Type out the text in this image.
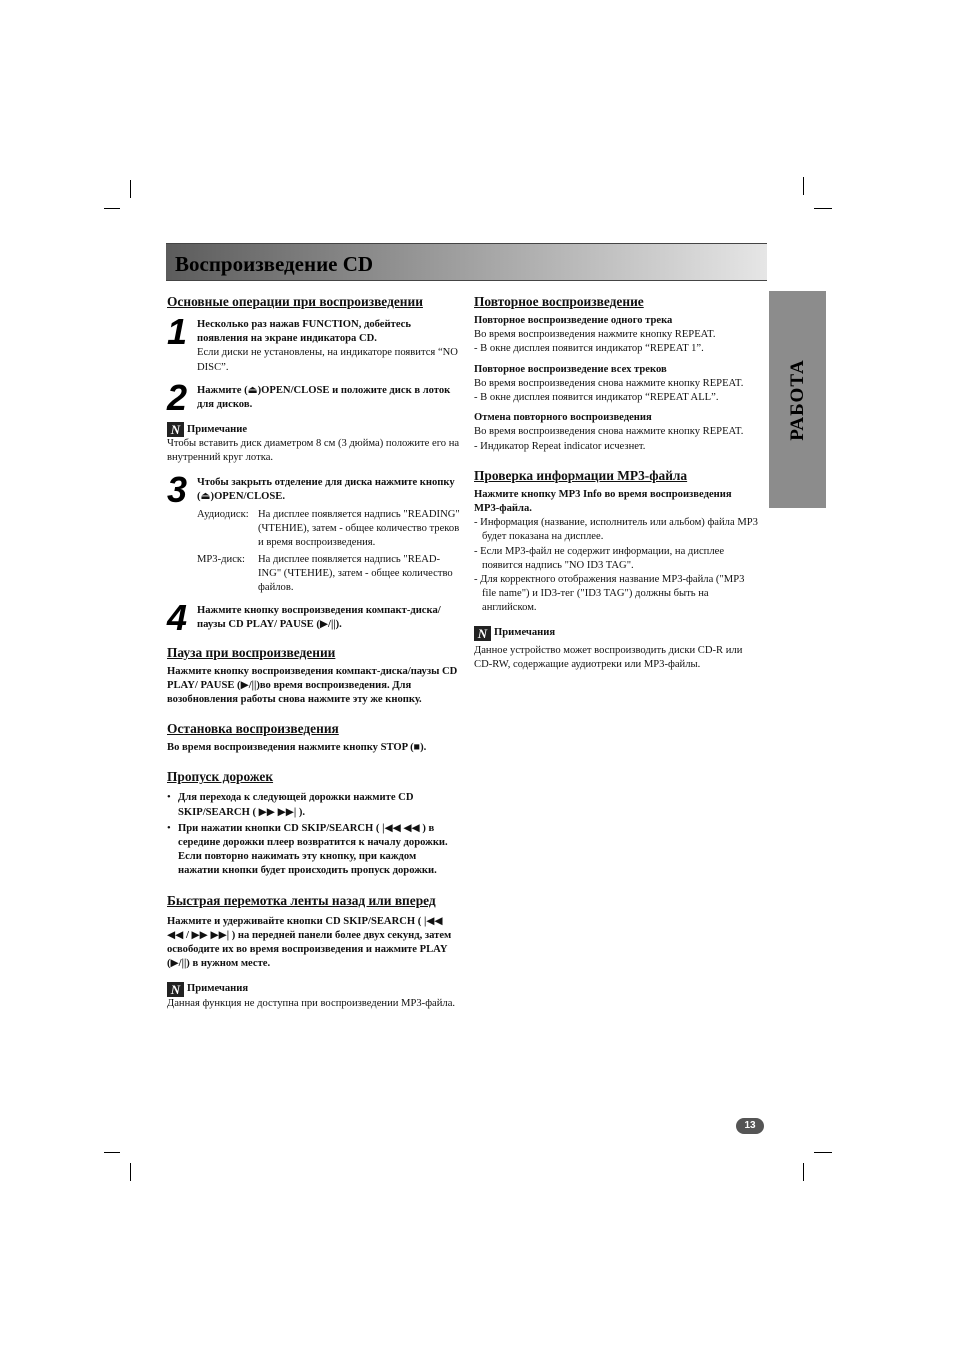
Воспроизведение CD
РАБОТА
Основные операции при воспроизведении
1 Несколько раз нажав FUNCTION, добейтесь появления на экране индикатора CD.

Если диски не установлены, на индикаторе появится “NO DISC”.

2 Нажмите (⏏)OPEN/CLOSE и положите диск в лоток для дисков.

N Примечание

Чтобы вставить диск диаметром 8 см (3 дюйма) положите его на внутренний круг лотка.

3 Чтобы закрыть отделение для диска нажмите кнопку (⏏)OPEN/CLOSE.

Аудиодиск: На дисплее появляется надпись "READING" (ЧТЕНИЕ), затем - общее количество треков и время воспроизведения.
MP3-диск:	На дисплее появляется надпись "READ-ING" (ЧТЕНИЕ), затем - общее количество файлов.
4 Нажмите кнопку воспроизведения компакт-диска/паузы CD PLAY/ PAUSE (▶/||).

Пауза при воспроизведении

Нажмите кнопку воспроизведения компакт-диска/паузы CD PLAY/ PAUSE (▶/||)во время воспроизведения. Для возобновления работы снова нажмите эту же кнопку.

Остановка воспроизведения

Во время воспроизведения нажмите кнопку STOP (■).

Пропуск дорожек
• Для перехода к следующей дорожки нажмите CD SKIP/SEARCH ( ▶▶ ▶▶| ).
• При нажатии кнопки CD SKIP/SEARCH ( |◀◀ ◀◀ ) в середине дорожки плеер возвратится к началу дорожки. Если повторно нажимать эту кнопку, при каждом нажатии кнопки будет происходить пропуск дорожки.
Быстрая перемотка ленты назад или вперед

Нажмите и удерживайте кнопки CD SKIP/SEARCH ( |◀◀ ◀◀ / ▶▶ ▶▶| ) на передней панели более двух секунд, затем освободите их во время воспроизведения и нажмите PLAY (▶/||) в нужном месте.

N Примечания

Данная функция не доступна при воспроизведении MP3-файла.

Повторное воспроизведение

Повторное воспроизведение одного трека

Во время воспроизведения нажмите кнопку REPEAT.

- В окне дисплея появится индикатор “REPEAT 1”.

Повторное воспроизведение всех треков

Во время воспроизведения снова нажмите кнопку REPEAT.

- В окне дисплея появится индикатор “REPEAT ALL”.

Отмена повторного воспроизведения

Во время воспроизведения снова нажмите кнопку REPEAT.

- Индикатор Repeat indicator исчезнет.

Проверка информации MP3-файла

Нажмите кнопку MP3 Info во время воспроизведения MP3-файла.

- Информация (название, исполнитель или альбом) файла MP3 будет показана на дисплее.

- Если MP3-файл не содержит информации, на дисплее появится надпись "NO ID3 TAG".

- Для корректного отображения название MP3-файла ("MP3 file name") и ID3-тег ("ID3 TAG") должны быть на английском.

N Примечания

Данное устройство может воспроизводить диски CD-R или CD-RW, содержащие аудиотреки или MP3-файлы.

13
